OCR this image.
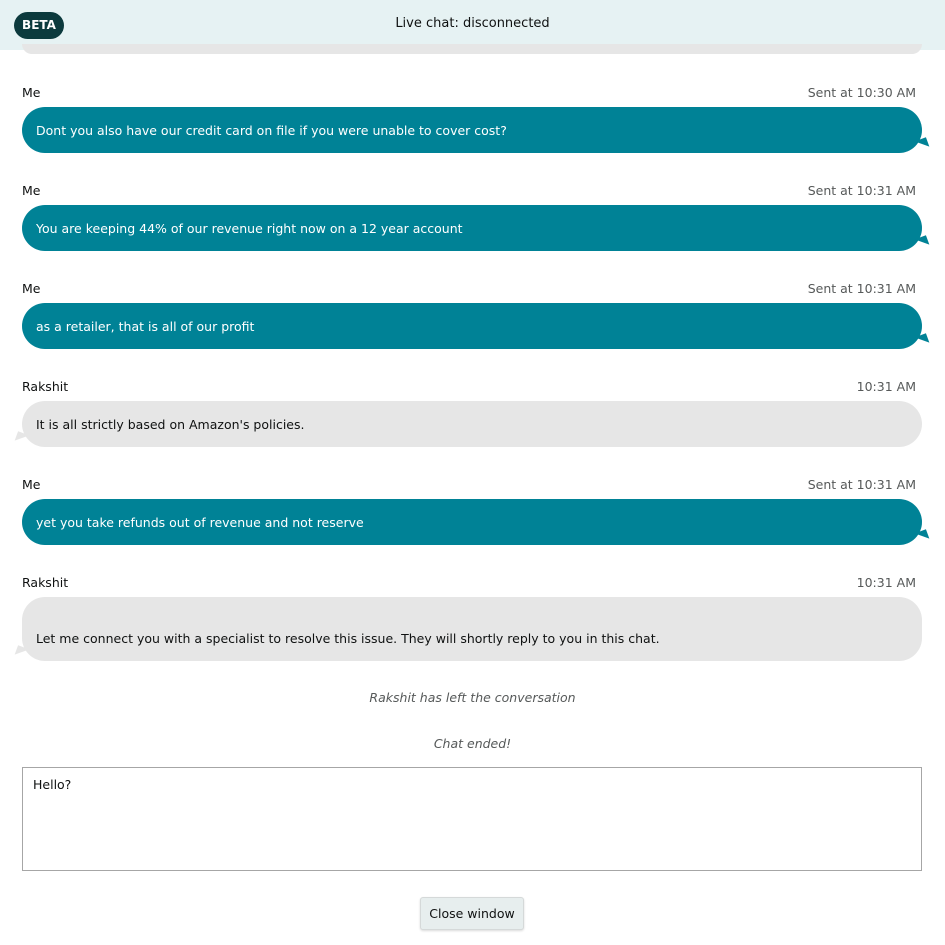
BETA	Live chat: disconnected
Me	Sent at 10:30 AM
Dont you also have our credit card on file if you were unable to cover cost?
Me	Sent at 10:31 AM
You are keeping 44% of our revenue right now on a 12 year account
Me	Sent at 10:31 AM
as a retailer, that is all of our profit
Rakshit	10:31 AM
It is all strictly based on Amazon's policies.
Me	Sent at 10:31 AM
yet you take refunds out of revenue and not reserve
Rakshit	10:31 AM
Let me connect you with a specialist to resolve this issue. They will shortly reply to you in this chat.
Rakshit has left the conversation
Chat ended!
Hello?
Close window
